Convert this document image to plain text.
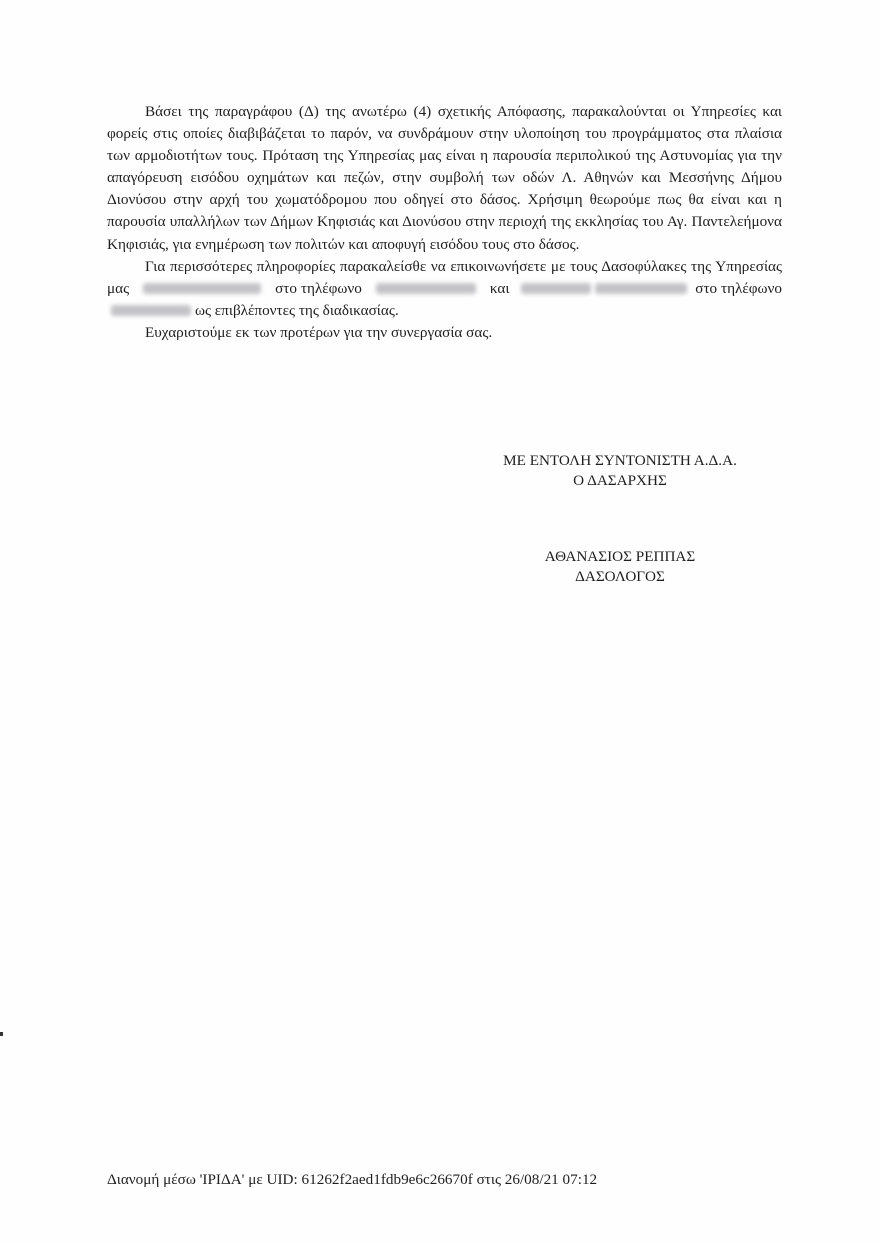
Βάσει της παραγράφου (Δ) της ανωτέρω (4) σχετικής Απόφασης, παρακαλούνται οι Υπηρεσίες και φορείς στις οποίες διαβιβάζεται το παρόν, να συνδράμουν στην υλοποίηση του προγράμματος στα πλαίσια των αρμοδιοτήτων τους. Πρόταση της Υπηρεσίας μας είναι η παρουσία περιπολικού της Αστυνομίας για την απαγόρευση εισόδου οχημάτων και πεζών, στην συμβολή των οδών Λ. Αθηνών και Μεσσήνης Δήμου Διονύσου στην αρχή του χωματόδρομου που οδηγεί στο δάσος. Χρήσιμη θεωρούμε πως θα είναι και η παρουσία υπαλλήλων των Δήμων Κηφισιάς και Διονύσου στην περιοχή της εκκλησίας του Αγ. Παντελεήμονα Κηφισιάς, για ενημέρωση των πολιτών και αποφυγή εισόδου τους στο δάσος.

Για περισσότερες πληροφορίες παρακαλείσθε να επικοινωνήσετε με τους Δασοφύλακες της Υπηρεσίας μας	στο τηλέφωνο	και	στο τηλέφωνοως επιβλέποντες της διαδικασίας.

Ευχαριστούμε εκ των προτέρων για την συνεργασία σας.

ΜΕ ΕΝΤΟΛΗ ΣΥΝΤΟΝΙΣΤΗ Α.Δ.Α.
Ο ΔΑΣΑΡΧΗΣ
ΑΘΑΝΑΣΙΟΣ ΡΕΠΠΑΣ
ΔΑΣΟΛΟΓΟΣ
Διανομή μέσω 'ΙΡΙΔΑ' με UID: 61262f2aed1fdb9e6c26670f στις 26/08/21 07:12
